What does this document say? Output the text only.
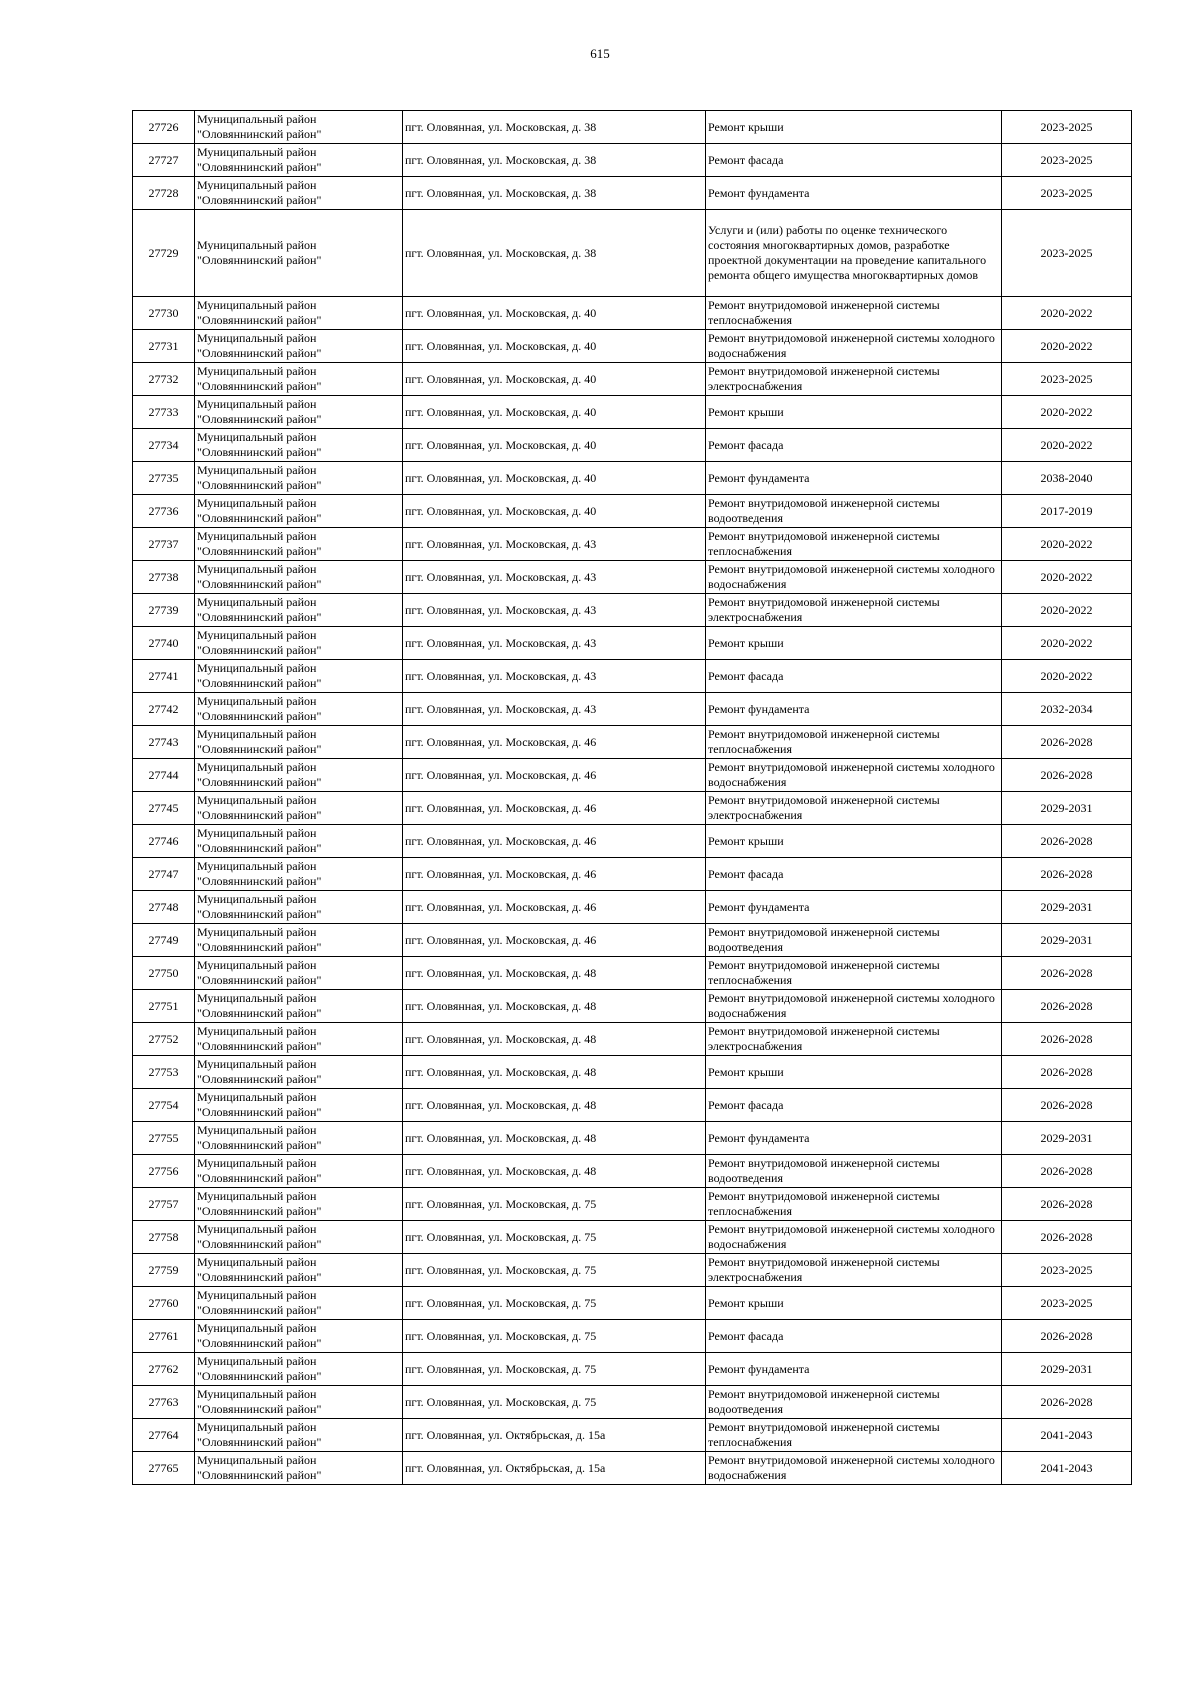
615
27726	Муниципальный район "Оловяннинский район"	пгт. Оловянная, ул. Московская, д. 38	Ремонт крыши	2023-2025
27727	Муниципальный район "Оловяннинский район"	пгт. Оловянная, ул. Московская, д. 38	Ремонт фасада	2023-2025
27728	Муниципальный район "Оловяннинский район"	пгт. Оловянная, ул. Московская, д. 38	Ремонт фундамента	2023-2025
27729	Муниципальный район "Оловяннинский район"	пгт. Оловянная, ул. Московская, д. 38	Услуги и (или) работы по оценке технического состояния многоквартирных домов, разработке проектной документации на проведение капитального ремонта общего имущества многоквартирных домов	2023-2025
27730	Муниципальный район "Оловяннинский район"	пгт. Оловянная, ул. Московская, д. 40	Ремонт внутридомовой инженерной системы теплоснабжения	2020-2022
27731	Муниципальный район "Оловяннинский район"	пгт. Оловянная, ул. Московская, д. 40	Ремонт внутридомовой инженерной системы холодного водоснабжения	2020-2022
27732	Муниципальный район "Оловяннинский район"	пгт. Оловянная, ул. Московская, д. 40	Ремонт внутридомовой инженерной системы электроснабжения	2023-2025
27733	Муниципальный район "Оловяннинский район"	пгт. Оловянная, ул. Московская, д. 40	Ремонт крыши	2020-2022
27734	Муниципальный район "Оловяннинский район"	пгт. Оловянная, ул. Московская, д. 40	Ремонт фасада	2020-2022
27735	Муниципальный район "Оловяннинский район"	пгт. Оловянная, ул. Московская, д. 40	Ремонт фундамента	2038-2040
27736	Муниципальный район "Оловяннинский район"	пгт. Оловянная, ул. Московская, д. 40	Ремонт внутридомовой инженерной системы водоотведения	2017-2019
27737	Муниципальный район "Оловяннинский район"	пгт. Оловянная, ул. Московская, д. 43	Ремонт внутридомовой инженерной системы теплоснабжения	2020-2022
27738	Муниципальный район "Оловяннинский район"	пгт. Оловянная, ул. Московская, д. 43	Ремонт внутридомовой инженерной системы холодного водоснабжения	2020-2022
27739	Муниципальный район "Оловяннинский район"	пгт. Оловянная, ул. Московская, д. 43	Ремонт внутридомовой инженерной системы электроснабжения	2020-2022
27740	Муниципальный район "Оловяннинский район"	пгт. Оловянная, ул. Московская, д. 43	Ремонт крыши	2020-2022
27741	Муниципальный район "Оловяннинский район"	пгт. Оловянная, ул. Московская, д. 43	Ремонт фасада	2020-2022
27742	Муниципальный район "Оловяннинский район"	пгт. Оловянная, ул. Московская, д. 43	Ремонт фундамента	2032-2034
27743	Муниципальный район "Оловяннинский район"	пгт. Оловянная, ул. Московская, д. 46	Ремонт внутридомовой инженерной системы теплоснабжения	2026-2028
27744	Муниципальный район "Оловяннинский район"	пгт. Оловянная, ул. Московская, д. 46	Ремонт внутридомовой инженерной системы холодного водоснабжения	2026-2028
27745	Муниципальный район "Оловяннинский район"	пгт. Оловянная, ул. Московская, д. 46	Ремонт внутридомовой инженерной системы электроснабжения	2029-2031
27746	Муниципальный район "Оловяннинский район"	пгт. Оловянная, ул. Московская, д. 46	Ремонт крыши	2026-2028
27747	Муниципальный район "Оловяннинский район"	пгт. Оловянная, ул. Московская, д. 46	Ремонт фасада	2026-2028
27748	Муниципальный район "Оловяннинский район"	пгт. Оловянная, ул. Московская, д. 46	Ремонт фундамента	2029-2031
27749	Муниципальный район "Оловяннинский район"	пгт. Оловянная, ул. Московская, д. 46	Ремонт внутридомовой инженерной системы водоотведения	2029-2031
27750	Муниципальный район "Оловяннинский район"	пгт. Оловянная, ул. Московская, д. 48	Ремонт внутридомовой инженерной системы теплоснабжения	2026-2028
27751	Муниципальный район "Оловяннинский район"	пгт. Оловянная, ул. Московская, д. 48	Ремонт внутридомовой инженерной системы холодного водоснабжения	2026-2028
27752	Муниципальный район "Оловяннинский район"	пгт. Оловянная, ул. Московская, д. 48	Ремонт внутридомовой инженерной системы электроснабжения	2026-2028
27753	Муниципальный район "Оловяннинский район"	пгт. Оловянная, ул. Московская, д. 48	Ремонт крыши	2026-2028
27754	Муниципальный район "Оловяннинский район"	пгт. Оловянная, ул. Московская, д. 48	Ремонт фасада	2026-2028
27755	Муниципальный район "Оловяннинский район"	пгт. Оловянная, ул. Московская, д. 48	Ремонт фундамента	2029-2031
27756	Муниципальный район "Оловяннинский район"	пгт. Оловянная, ул. Московская, д. 48	Ремонт внутридомовой инженерной системы водоотведения	2026-2028
27757	Муниципальный район "Оловяннинский район"	пгт. Оловянная, ул. Московская, д. 75	Ремонт внутридомовой инженерной системы теплоснабжения	2026-2028
27758	Муниципальный район "Оловяннинский район"	пгт. Оловянная, ул. Московская, д. 75	Ремонт внутридомовой инженерной системы холодного водоснабжения	2026-2028
27759	Муниципальный район "Оловяннинский район"	пгт. Оловянная, ул. Московская, д. 75	Ремонт внутридомовой инженерной системы электроснабжения	2023-2025
27760	Муниципальный район "Оловяннинский район"	пгт. Оловянная, ул. Московская, д. 75	Ремонт крыши	2023-2025
27761	Муниципальный район "Оловяннинский район"	пгт. Оловянная, ул. Московская, д. 75	Ремонт фасада	2026-2028
27762	Муниципальный район "Оловяннинский район"	пгт. Оловянная, ул. Московская, д. 75	Ремонт фундамента	2029-2031
27763	Муниципальный район "Оловяннинский район"	пгт. Оловянная, ул. Московская, д. 75	Ремонт внутридомовой инженерной системы водоотведения	2026-2028
27764	Муниципальный район "Оловяннинский район"	пгт. Оловянная, ул. Октябрьская, д. 15а	Ремонт внутридомовой инженерной системы теплоснабжения	2041-2043
27765	Муниципальный район "Оловяннинский район"	пгт. Оловянная, ул. Октябрьская, д. 15а	Ремонт внутридомовой инженерной системы холодного водоснабжения	2041-2043
